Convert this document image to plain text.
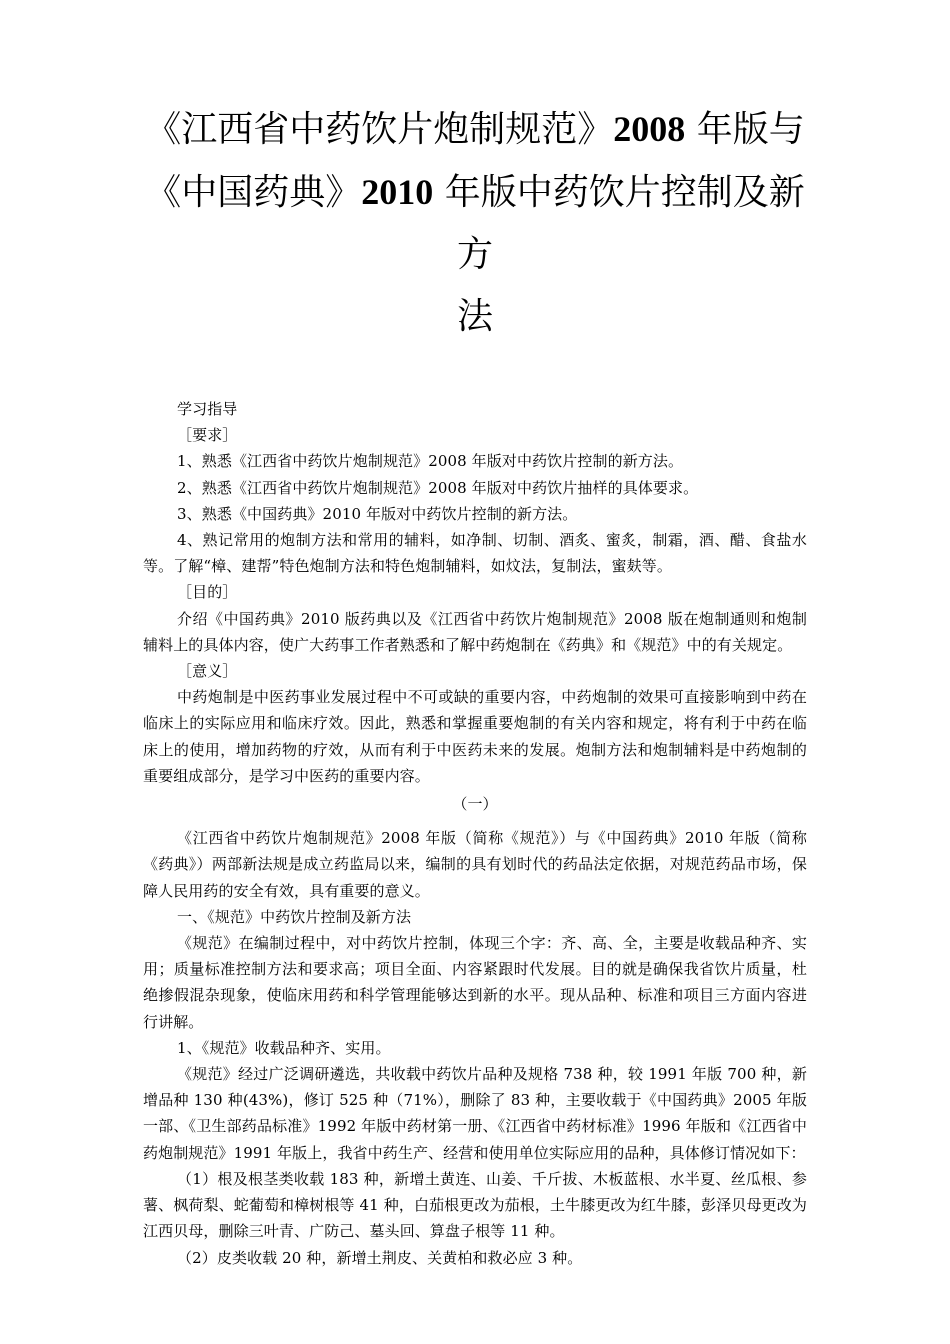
《江西省中药饮片炮制规范》2008 年版与
《中国药典》2010 年版中药饮片控制及新方
法

学习指导

［要求］

1、熟悉《江西省中药饮片炮制规范》2008 年版对中药饮片控制的新方法。

2、熟悉《江西省中药饮片炮制规范》2008 年版对中药饮片抽样的具体要求。

3、熟悉《中国药典》2010 年版对中药饮片控制的新方法。

4、熟记常用的炮制方法和常用的辅料，如净制、切制、酒炙、蜜炙，制霜，酒、醋、食盐水等。了解“樟、建帮”特色炮制方法和特色炮制辅料，如炆法，复制法，蜜麸等。

［目的］

介绍《中国药典》2010 版药典以及《江西省中药饮片炮制规范》2008 版在炮制通则和炮制辅料上的具体内容，使广大药事工作者熟悉和了解中药炮制在《药典》和《规范》中的有关规定。

［意义］

中药炮制是中医药事业发展过程中不可或缺的重要内容，中药炮制的效果可直接影响到中药在临床上的实际应用和临床疗效。因此，熟悉和掌握重要炮制的有关内容和规定，将有利于中药在临床上的使用，增加药物的疗效，从而有利于中医药未来的发展。炮制方法和炮制辅料是中药炮制的重要组成部分，是学习中医药的重要内容。

（一）

《江西省中药饮片炮制规范》2008 年版（简称《规范》）与《中国药典》2010 年版（简称《药典》）两部新法规是成立药监局以来，编制的具有划时代的药品法定依据，对规范药品市场，保障人民用药的安全有效，具有重要的意义。

一、《规范》中药饮片控制及新方法

《规范》在编制过程中，对中药饮片控制，体现三个字：齐、高、全，主要是收载品种齐、实用；质量标准控制方法和要求高；项目全面、内容紧跟时代发展。目的就是确保我省饮片质量，杜绝掺假混杂现象，使临床用药和科学管理能够达到新的水平。现从品种、标准和项目三方面内容进行讲解。

1、《规范》收载品种齐、实用。

《规范》经过广泛调研遴选，共收载中药饮片品种及规格 738 种，较 1991 年版 700 种，新增品种 130 种(43%)，修订 525 种（71%），删除了 83 种，主要收载于《中国药典》2005 年版一部、《卫生部药品标准》1992 年版中药材第一册、《江西省中药材标准》1996 年版和《江西省中药炮制规范》1991 年版上，我省中药生产、经营和使用单位实际应用的品种，具体修订情况如下：

（1）根及根茎类收载 183 种，新增土黄连、山姜、千斤拔、木板蓝根、水半夏、丝瓜根、参薯、枫荷梨、蛇葡萄和樟树根等 41 种，白茄根更改为茄根，土牛膝更改为红牛膝，彭泽贝母更改为江西贝母，删除三叶青、广防己、墓头回、算盘子根等 11 种。

（2）皮类收载 20 种，新增土荆皮、关黄柏和救必应 3 种。
